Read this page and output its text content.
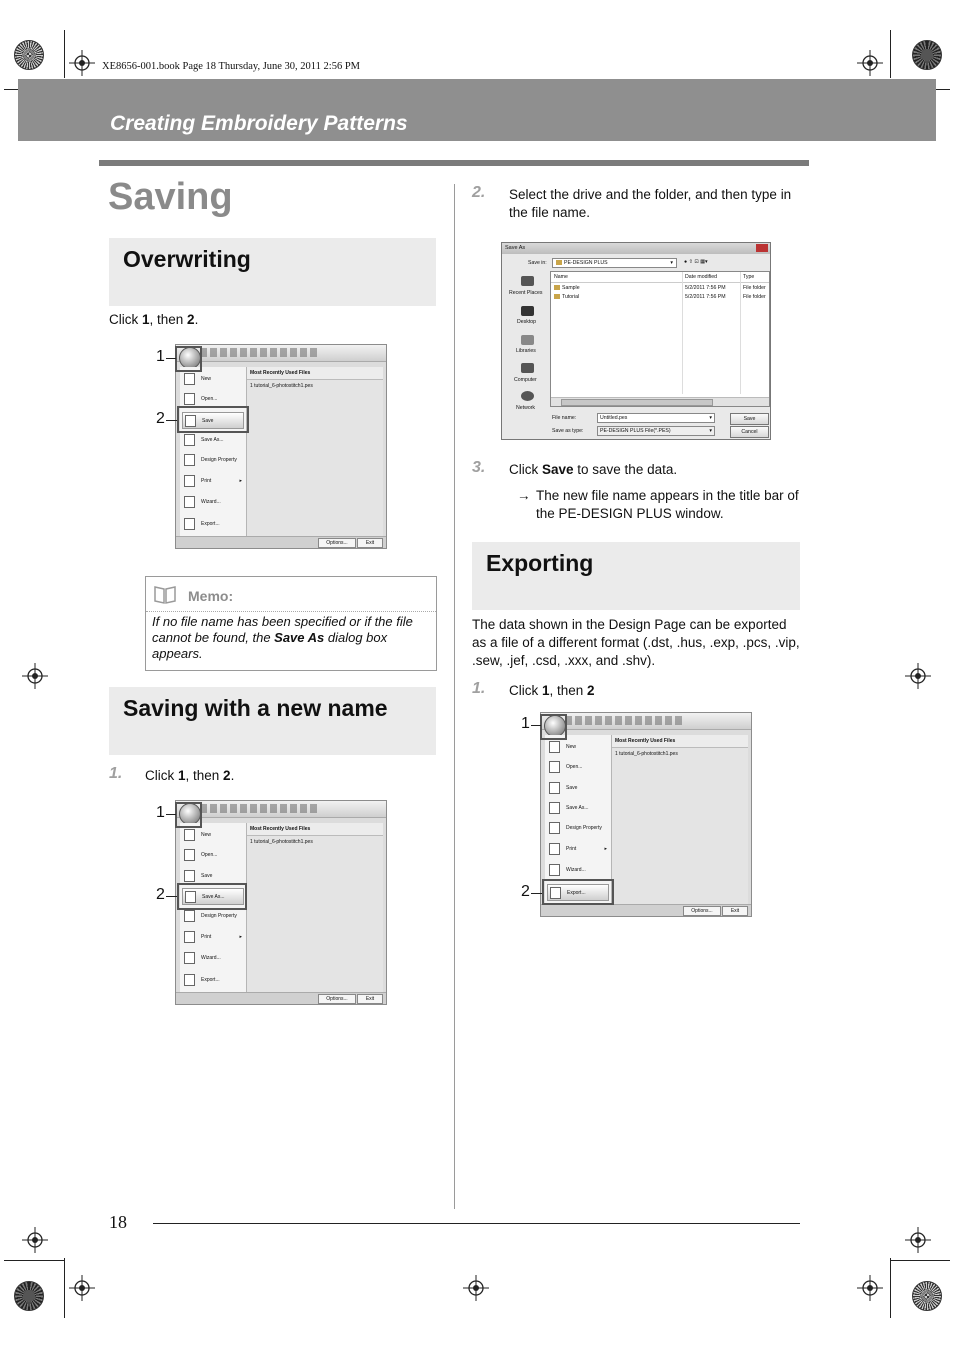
XE8656-001.book Page 18 Thursday, June 30, 2011 2:56 PM
Creating Embroidery Patterns
Saving
Overwriting
Click 1, then 2.
New
Open...
Save
Save As...
Design Property
Print	▸
Wizard...
Export...
Most Recently Used Files
1 tutorial_6-photostitch1.pes
Options...	Exit
1
2
Memo:
If no file name has been specified or if the file cannot be found, the Save As dialog box appears.
Saving with a new name
1. Click 1, then 2.
New
Open...
Save
Save As...
Design Property
Print	▸
Wizard...
Export...
Most Recently Used Files
1 tutorial_6-photostitch1.pes
Options...	Exit
1
2
2. Select the drive and the folder, and then type in the file name.
Save As
Save in:	PE-DESIGN PLUS	▾ ● ⇧ ⊡ ▦▾
Recent Places
Desktop
Libraries
Computer
Network
Name	Date modified	Type
Sample	5/2/2011 7:56 PM	File folder
Tutorial	5/2/2011 7:56 PM	File folder
File name:	Untitled.pes	▾
Save as type:	PE-DESIGN PLUS File(*.PES)	▾
Save
Cancel
3. Click Save to save the data.
→ The new file name appears in the title bar of the PE-DESIGN PLUS window.
Exporting
The data shown in the Design Page can be exported as a file of a different format (.dst, .hus, .exp, .pcs, .vip, .sew, .jef, .csd, .xxx, and .shv).
1. Click 1, then 2
New
Open...
Save
Save As...
Design Property
Print	▸
Wizard...
Export...
Most Recently Used Files
1 tutorial_6-photostitch1.pes
Options...	Exit
1
2
18
